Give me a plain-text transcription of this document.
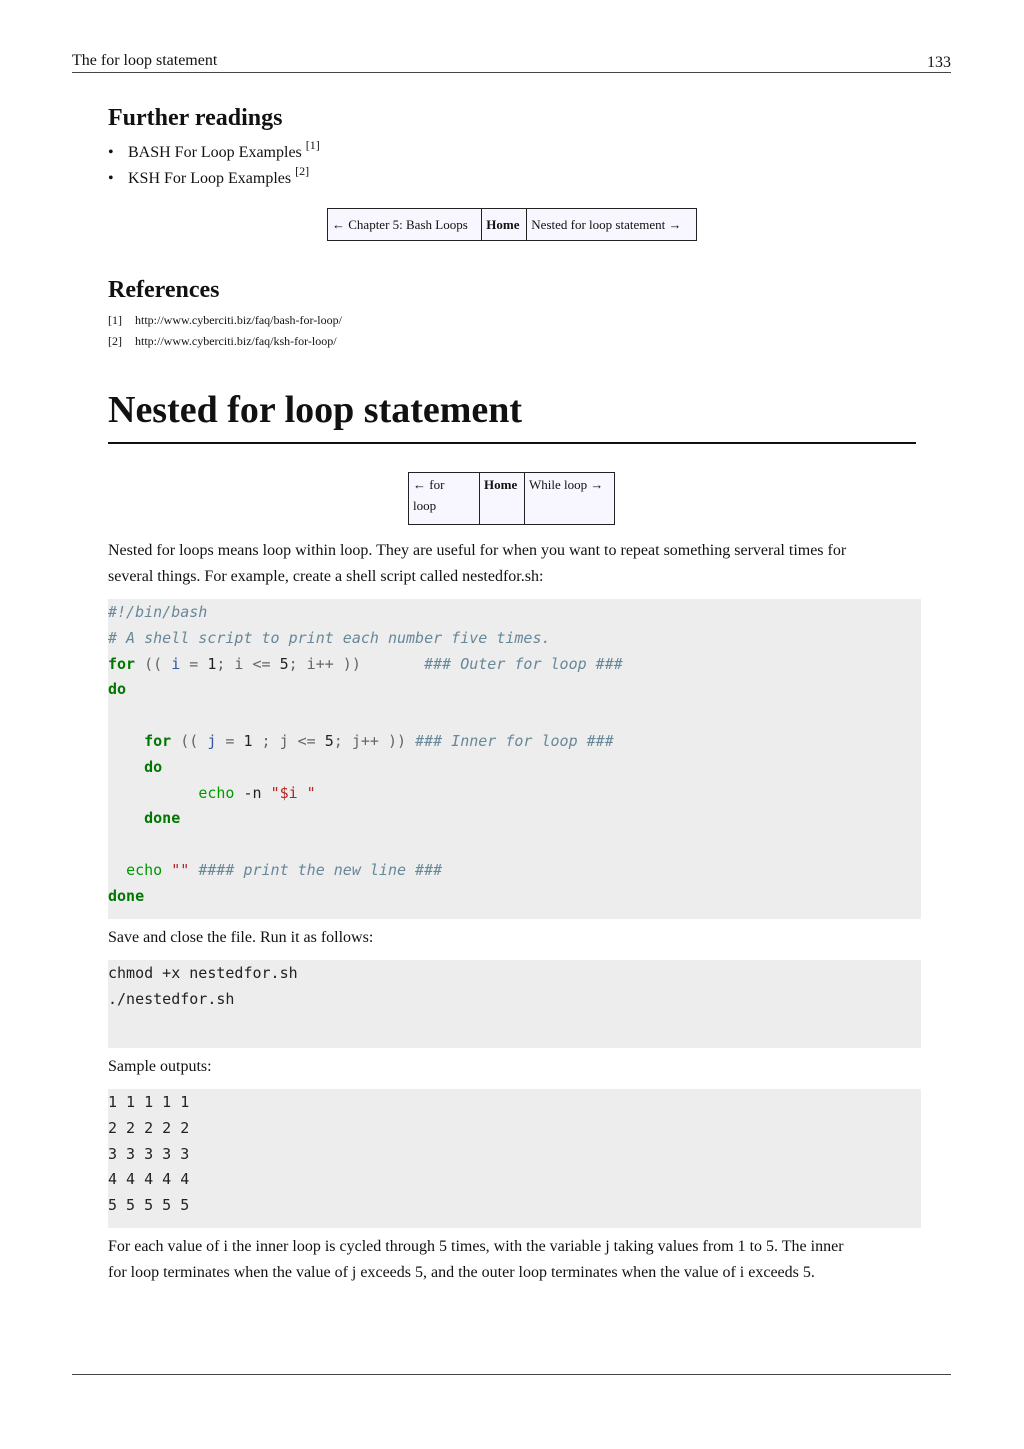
The for loop statement	133
Further readings
• BASH For Loop Examples [1]
• KSH For Loop Examples [2]
← Chapter 5: Bash Loops	Home	Nested for loop statement →
References
[1] http://www.cyberciti.biz/faq/bash-for-loop/
[2] http://www.cyberciti.biz/faq/ksh-for-loop/
Nested for loop statement
← for
loop	Home	While loop →

Nested for loops means loop within loop. They are useful for when you want to repeat something serveral times for
several things. For example, create a shell script called nestedfor.sh:

#!/bin/bash
# A shell script to print each number five times.
for (( i = 1; i <= 5; i++ ))	### Outer for loop ###
do

for (( j = 1 ; j <= 5; j++ )) ### Inner for loop ###
do
echo -n "$i "
done

echo "" #### print the new line ###
done

Save and close the file. Run it as follows:

chmod +x nestedfor.sh
./nestedfor.sh

Sample outputs:

1 1 1 1 1
2 2 2 2 2
3 3 3 3 3
4 4 4 4 4
5 5 5 5 5

For each value of i the inner loop is cycled through 5 times, with the variable j taking values from 1 to 5. The inner
for loop terminates when the value of j exceeds 5, and the outer loop terminates when the value of i exceeds 5.
